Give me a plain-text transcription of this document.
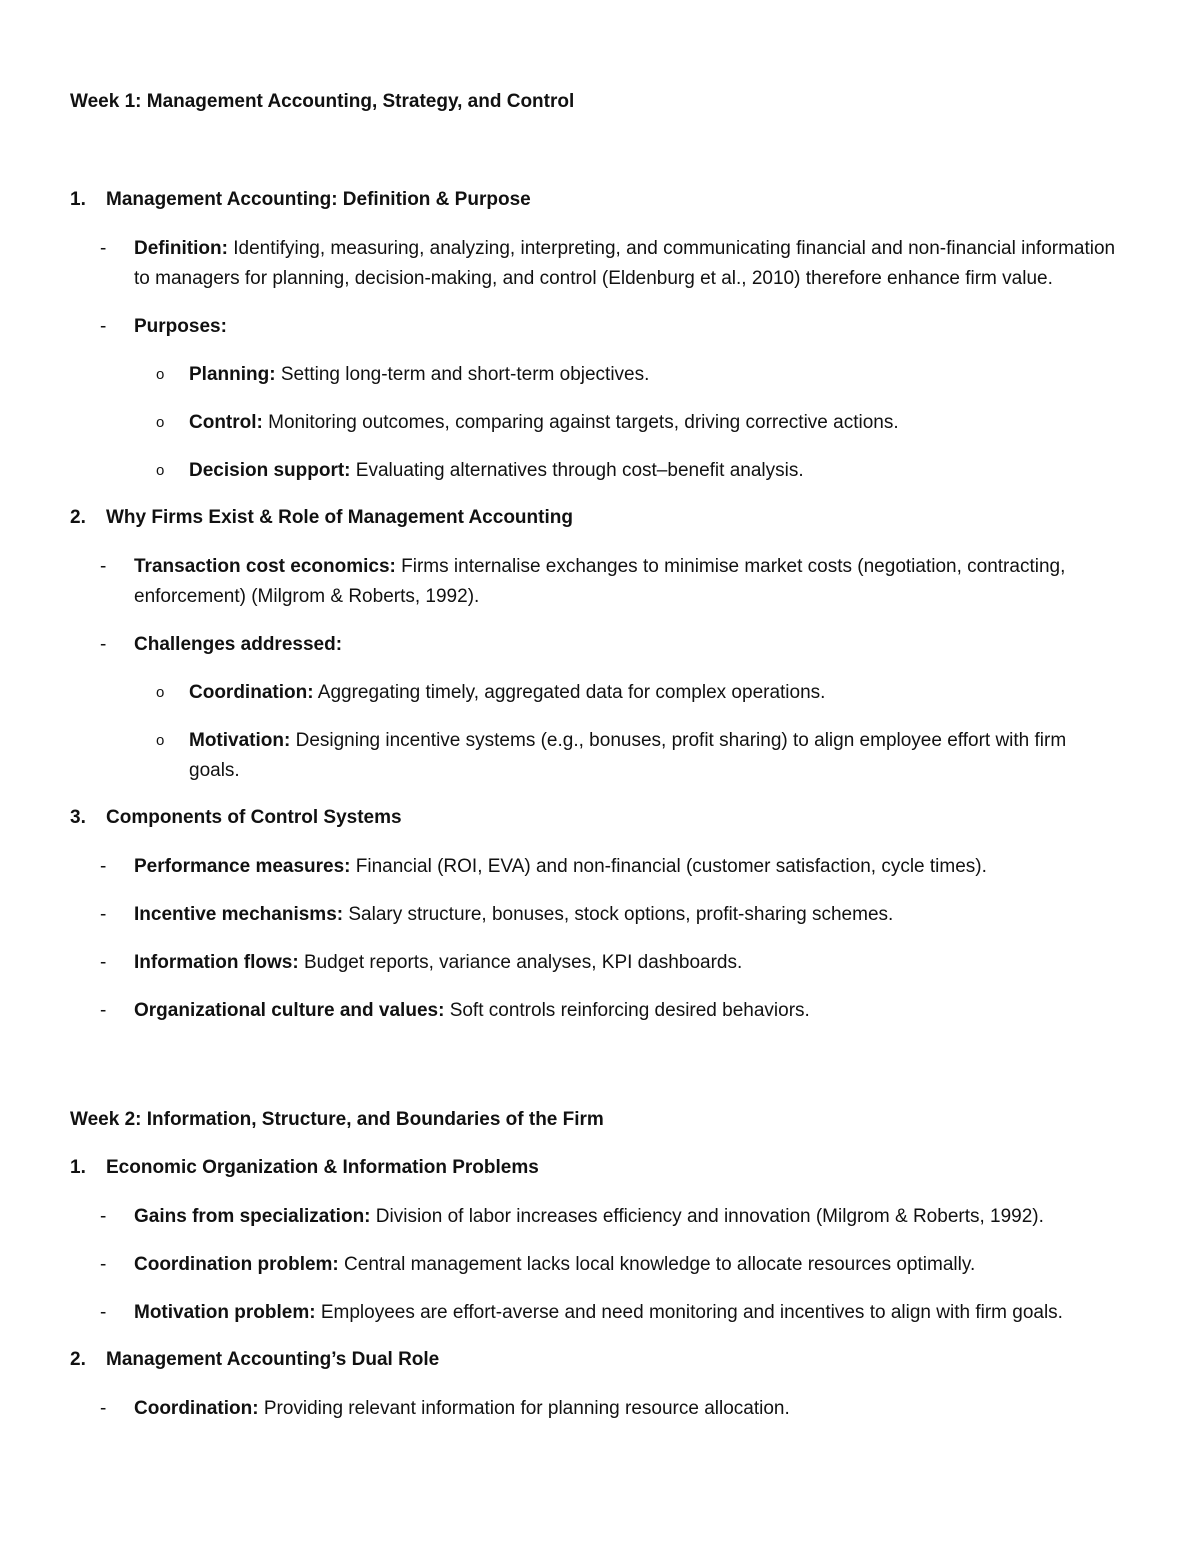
Week 1: Management Accounting, Strategy, and Control

1.	Management Accounting: Definition & Purpose
-	Definition: Identifying, measuring, analyzing, interpreting, and communicating financial and non-financial information to managers for planning, decision-making, and control (Eldenburg et al., 2010) therefore enhance firm value.
-	Purposes:
o	Planning: Setting long-term and short-term objectives.
o	Control: Monitoring outcomes, comparing against targets, driving corrective actions.
o	Decision support: Evaluating alternatives through cost–benefit analysis.
2.	Why Firms Exist & Role of Management Accounting
-	Transaction cost economics: Firms internalise exchanges to minimise market costs (negotiation, contracting, enforcement) (Milgrom & Roberts, 1992).
-	Challenges addressed:
o	Coordination: Aggregating timely, aggregated data for complex operations.
o	Motivation: Designing incentive systems (e.g., bonuses, profit sharing) to align employee effort with firm goals.
3.	Components of Control Systems
-	Performance measures: Financial (ROI, EVA) and non-financial (customer satisfaction, cycle times).
-	Incentive mechanisms: Salary structure, bonuses, stock options, profit-sharing schemes.
-	Information flows: Budget reports, variance analyses, KPI dashboards.
-	Organizational culture and values: Soft controls reinforcing desired behaviors.

Week 2: Information, Structure, and Boundaries of the Firm

1.	Economic Organization & Information Problems
-	Gains from specialization: Division of labor increases efficiency and innovation (Milgrom & Roberts, 1992).
-	Coordination problem: Central management lacks local knowledge to allocate resources optimally.
-	Motivation problem: Employees are effort-averse and need monitoring and incentives to align with firm goals.
2.	Management Accounting’s Dual Role
-	Coordination: Providing relevant information for planning resource allocation.
